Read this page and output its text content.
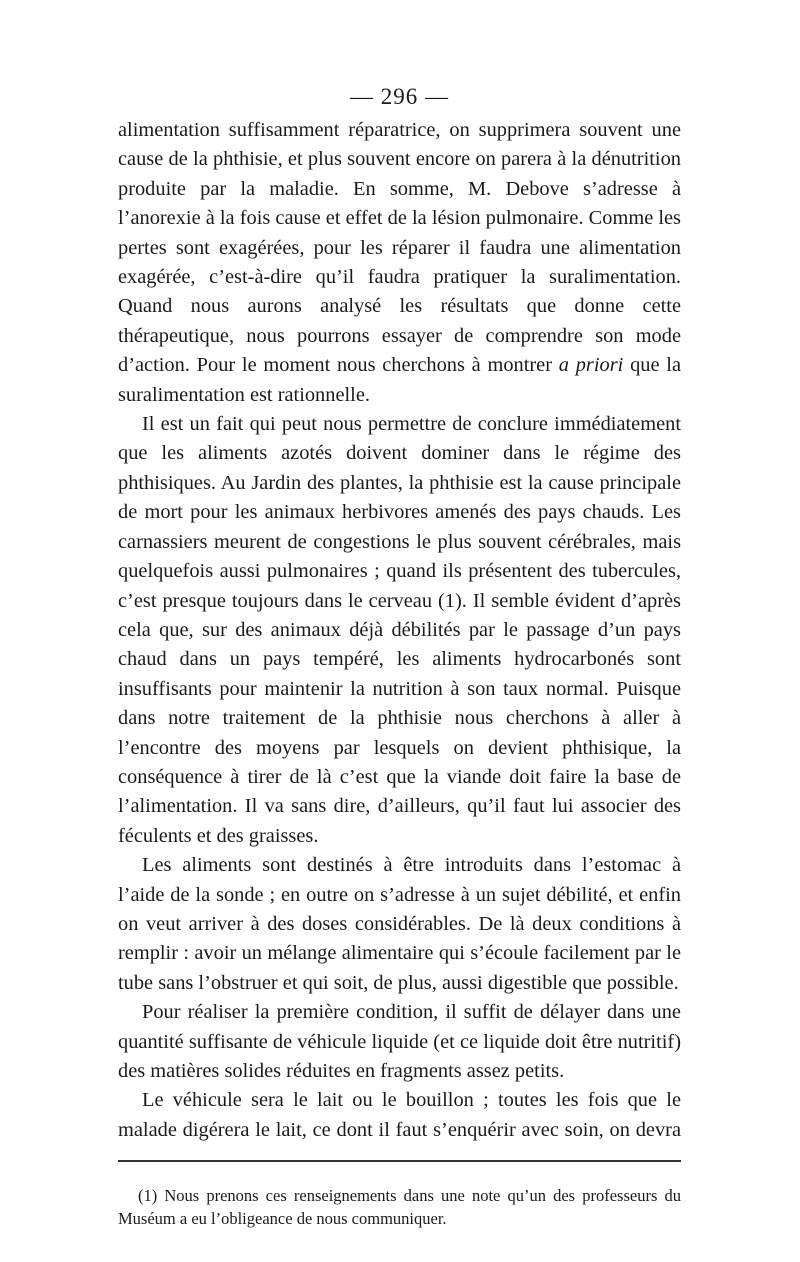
— 296 —

alimentation suffisamment réparatrice, on supprimera souvent une cause de la phthisie, et plus souvent encore on parera à la dénutrition produite par la maladie. En somme, M. Debove s’adresse à l’anorexie à la fois cause et effet de la lésion pulmonaire. Comme les pertes sont exagérées, pour les réparer il faudra une alimentation exagérée, c’est-à-dire qu’il faudra pratiquer la suralimentation. Quand nous aurons analysé les résultats que donne cette thérapeutique, nous pourrons essayer de comprendre son mode d’action. Pour le moment nous cherchons à montrer a priori que la suralimentation est rationnelle.

Il est un fait qui peut nous permettre de conclure immédiatement que les aliments azotés doivent dominer dans le régime des phthisiques. Au Jardin des plantes, la phthisie est la cause principale de mort pour les animaux herbivores amenés des pays chauds. Les carnassiers meurent de congestions le plus souvent cérébrales, mais quelquefois aussi pulmonaires ; quand ils présentent des tubercules, c’est presque toujours dans le cerveau (1). Il semble évident d’après cela que, sur des animaux déjà débilités par le passage d’un pays chaud dans un pays tempéré, les aliments hydrocarbonés sont insuffisants pour maintenir la nutrition à son taux normal. Puisque dans notre traitement de la phthisie nous cherchons à aller à l’encontre des moyens par lesquels on devient phthisique, la conséquence à tirer de là c’est que la viande doit faire la base de l’alimentation. Il va sans dire, d’ailleurs, qu’il faut lui associer des féculents et des graisses.

Les aliments sont destinés à être introduits dans l’estomac à l’aide de la sonde ; en outre on s’adresse à un sujet débilité, et enfin on veut arriver à des doses considérables. De là deux conditions à remplir : avoir un mélange alimentaire qui s’écoule facilement par le tube sans l’obstruer et qui soit, de plus, aussi digestible que possible.

Pour réaliser la première condition, il suffit de délayer dans une quantité suffisante de véhicule liquide (et ce liquide doit être nutritif) des matières solides réduites en fragments assez petits.

Le véhicule sera le lait ou le bouillon ; toutes les fois que le malade digérera le lait, ce dont il faut s’enquérir avec soin, on devra

(1) Nous prenons ces renseignements dans une note qu’un des professeurs du Muséum a eu l’obligeance de nous communiquer.
